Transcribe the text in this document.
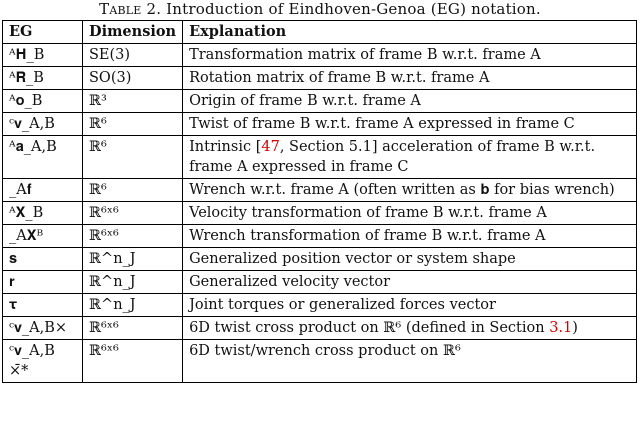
Table 2. Introduction of Eindhoven-Genoa (EG) notation.
EG	Dimension	Explanation
ᴬ𝐇_B	SE(3)	Transformation matrix of frame B w.r.t. frame A
ᴬ𝐑_B	SO(3)	Rotation matrix of frame B w.r.t. frame A
ᴬ𝐨_B	ℝ³	Origin of frame B w.r.t. frame A
ᶜ𝐯_A,B	ℝ⁶	Twist of frame B w.r.t. frame A expressed in frame C
ᴬ𝐚_A,B	ℝ⁶	Intrinsic [47, Section 5.1] acceleration of frame B w.r.t. frame A expressed in frame C
_A𝐟	ℝ⁶	Wrench w.r.t. frame A (often written as 𝐛 for bias wrench)
ᴬ𝐗_B	ℝ⁶ˣ⁶	Velocity transformation of frame B w.r.t. frame A
_A𝐗ᴮ	ℝ⁶ˣ⁶	Wrench transformation of frame B w.r.t. frame A
𝐬	ℝ^n_J	Generalized position vector or system shape
𝐫	ℝ^n_J	Generalized velocity vector
𝛕	ℝ^n_J	Joint torques or generalized forces vector
ᶜ𝐯_A,B×	ℝ⁶ˣ⁶	6D twist cross product on ℝ⁶ (defined in Section 3.1)
ᶜ𝐯_A,B ×̄*	ℝ⁶ˣ⁶	6D twist/wrench cross product on ℝ⁶
